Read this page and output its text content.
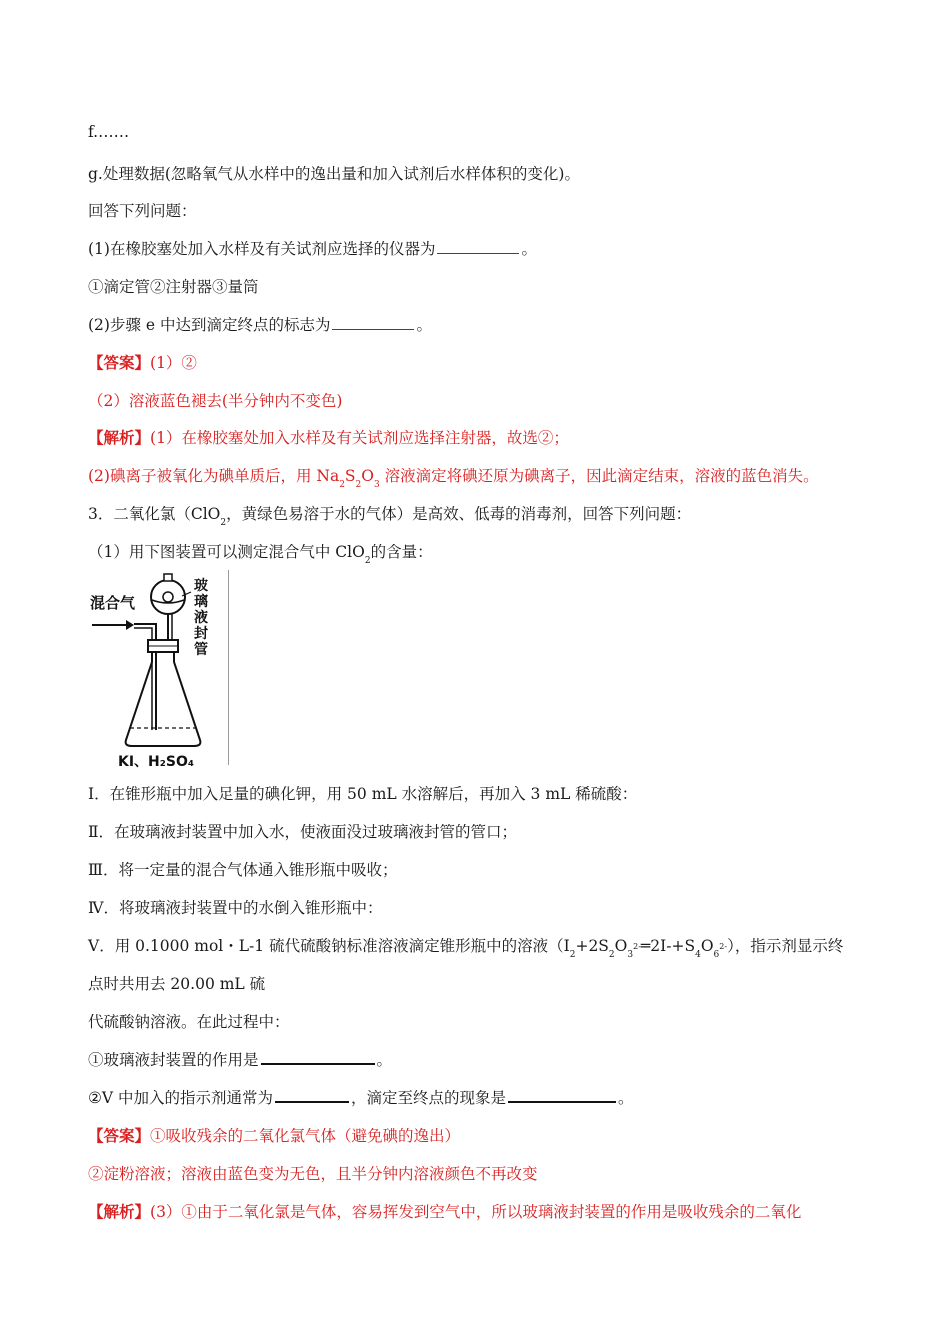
f.……
g.处理数据(忽略氧气从水样中的逸出量和加入试剂后水样体积的变化)。
回答下列问题：
(1)在橡胶塞处加入水样及有关试剂应选择的仪器为	。
①滴定管②注射器③量筒
(2)步骤 e 中达到滴定终点的标志为	。
【答案】(1）②
（2）溶液蓝色褪去(半分钟内不变色)
【解析】(1）在橡胶塞处加入水样及有关试剂应选择注射器，故选②；
(2)碘离子被氧化为碘单质后，用 $Na_2S_2O_3$ 溶液滴定将碘还原为碘离子，因此滴定结束，溶液的蓝色消失。
3．二氧化氯（ClO$_2$，黄绿色易溶于水的气体）是高效、低毒的消毒剂，回答下列问题：
（1）用下图装置可以测定混合气中 ClO$_2$的含量：
混合气
玻
璃
液
封
管
KI、H₂SO₄
Ⅰ．在锥形瓶中加入足量的碘化钾，用 50 mL 水溶解后，再加入 3 mL 稀硫酸：
Ⅱ．在玻璃液封装置中加入水，使液面没过玻璃液封管的管口；
Ⅲ．将一定量的混合气体通入锥形瓶中吸收；
Ⅳ．将玻璃液封装置中的水倒入锥形瓶中：
Ⅴ．用 0.1000 mol・L-1 硫代硫酸钠标准溶液滴定锥形瓶中的溶液$(I_2+2S_2O_3^{2-}═2I-+S_4O_6^{2-})$，指示剂显示终
点时共用去 20.00 mL 硫
代硫酸钠溶液。在此过程中：
①玻璃液封装置的作用是	。
②V 中加入的指示剂通常为	，滴定至终点的现象是	。
【答案】①吸收残余的二氧化氯气体（避免碘的逸出）
②淀粉溶液；溶液由蓝色变为无色，且半分钟内溶液颜色不再改变
【解析】(3）①由于二氧化氯是气体，容易挥发到空气中，所以玻璃液封装置的作用是吸收残余的二氧化
